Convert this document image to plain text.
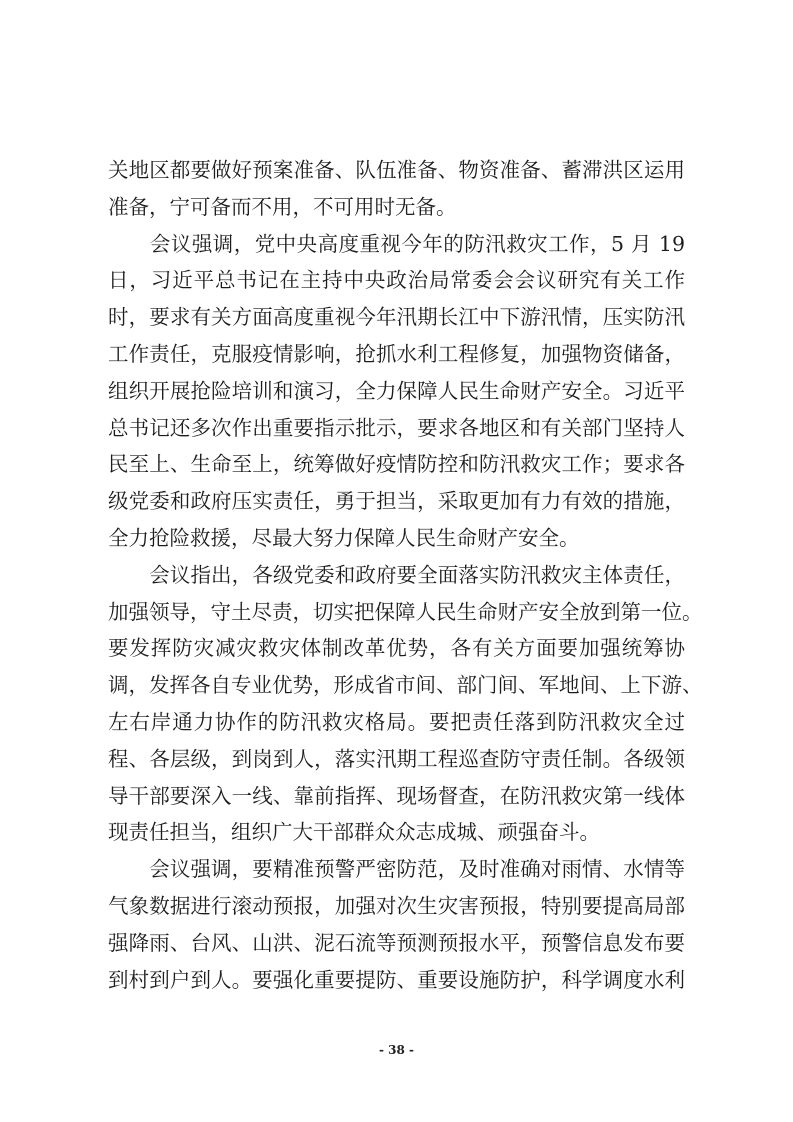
关地区都要做好预案准备、队伍准备、物资准备、蓄滞洪区运用
准备，宁可备而不用，不可用时无备。
　　会议强调，党中央高度重视今年的防汛救灾工作，5 月 19
日，习近平总书记在主持中央政治局常委会会议研究有关工作
时，要求有关方面高度重视今年汛期长江中下游汛情，压实防汛
工作责任，克服疫情影响，抢抓水利工程修复，加强物资储备，
组织开展抢险培训和演习，全力保障人民生命财产安全。习近平
总书记还多次作出重要指示批示，要求各地区和有关部门坚持人
民至上、生命至上，统筹做好疫情防控和防汛救灾工作；要求各
级党委和政府压实责任，勇于担当，采取更加有力有效的措施，
全力抢险救援，尽最大努力保障人民生命财产安全。
　　会议指出，各级党委和政府要全面落实防汛救灾主体责任，
加强领导，守土尽责，切实把保障人民生命财产安全放到第一位。
要发挥防灾减灾救灾体制改革优势，各有关方面要加强统筹协
调，发挥各自专业优势，形成省市间、部门间、军地间、上下游、
左右岸通力协作的防汛救灾格局。要把责任落到防汛救灾全过
程、各层级，到岗到人，落实汛期工程巡查防守责任制。各级领
导干部要深入一线、靠前指挥、现场督查，在防汛救灾第一线体
现责任担当，组织广大干部群众众志成城、顽强奋斗。
　　会议强调，要精准预警严密防范，及时准确对雨情、水情等
气象数据进行滚动预报，加强对次生灾害预报，特别要提高局部
强降雨、台风、山洪、泥石流等预测预报水平，预警信息发布要
到村到户到人。要强化重要提防、重要设施防护，科学调度水利
- 38 -
